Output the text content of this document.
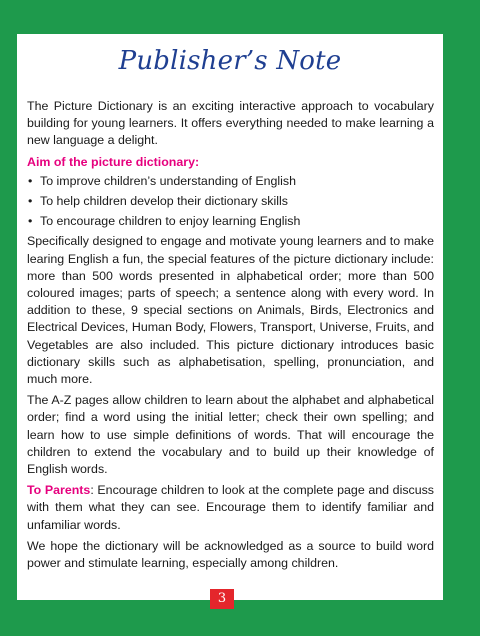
Publisher’s Note

The Picture Dictionary is an exciting interactive approach to vocabulary building for young learners. It offers everything needed to make learning a new language a delight.

Aim of the picture dictionary:
• To improve children’s understanding of English
• To help children develop their dictionary skills
• To encourage children to enjoy learning English

Specifically designed to engage and motivate young learners and to make learing English a fun, the special features of the picture dictionary include: more than 500 words presented in alphabetical order; more than 500 coloured images; parts of speech; a sentence along with every word. In addition to these, 9 special sections on Animals, Birds, Electronics and Electrical Devices, Human Body, Flowers, Transport, Universe, Fruits, and Vegetables are also included. This picture dictionary introduces basic dictionary skills such as alphabetisation, spelling, pronunciation, and much more.

The A-Z pages allow children to learn about the alphabet and alphabetical order; find a word using the initial letter; check their own spelling; and learn how to use simple definitions of words. That will encourage the children to extend the vocabulary and to build up their knowledge of English words.

To Parents: Encourage children to look at the complete page and discuss with them what they can see. Encourage them to identify familiar and unfamiliar words.

We hope the dictionary will be acknowledged as a source to build word power and stimulate learning, especially among children.

3
